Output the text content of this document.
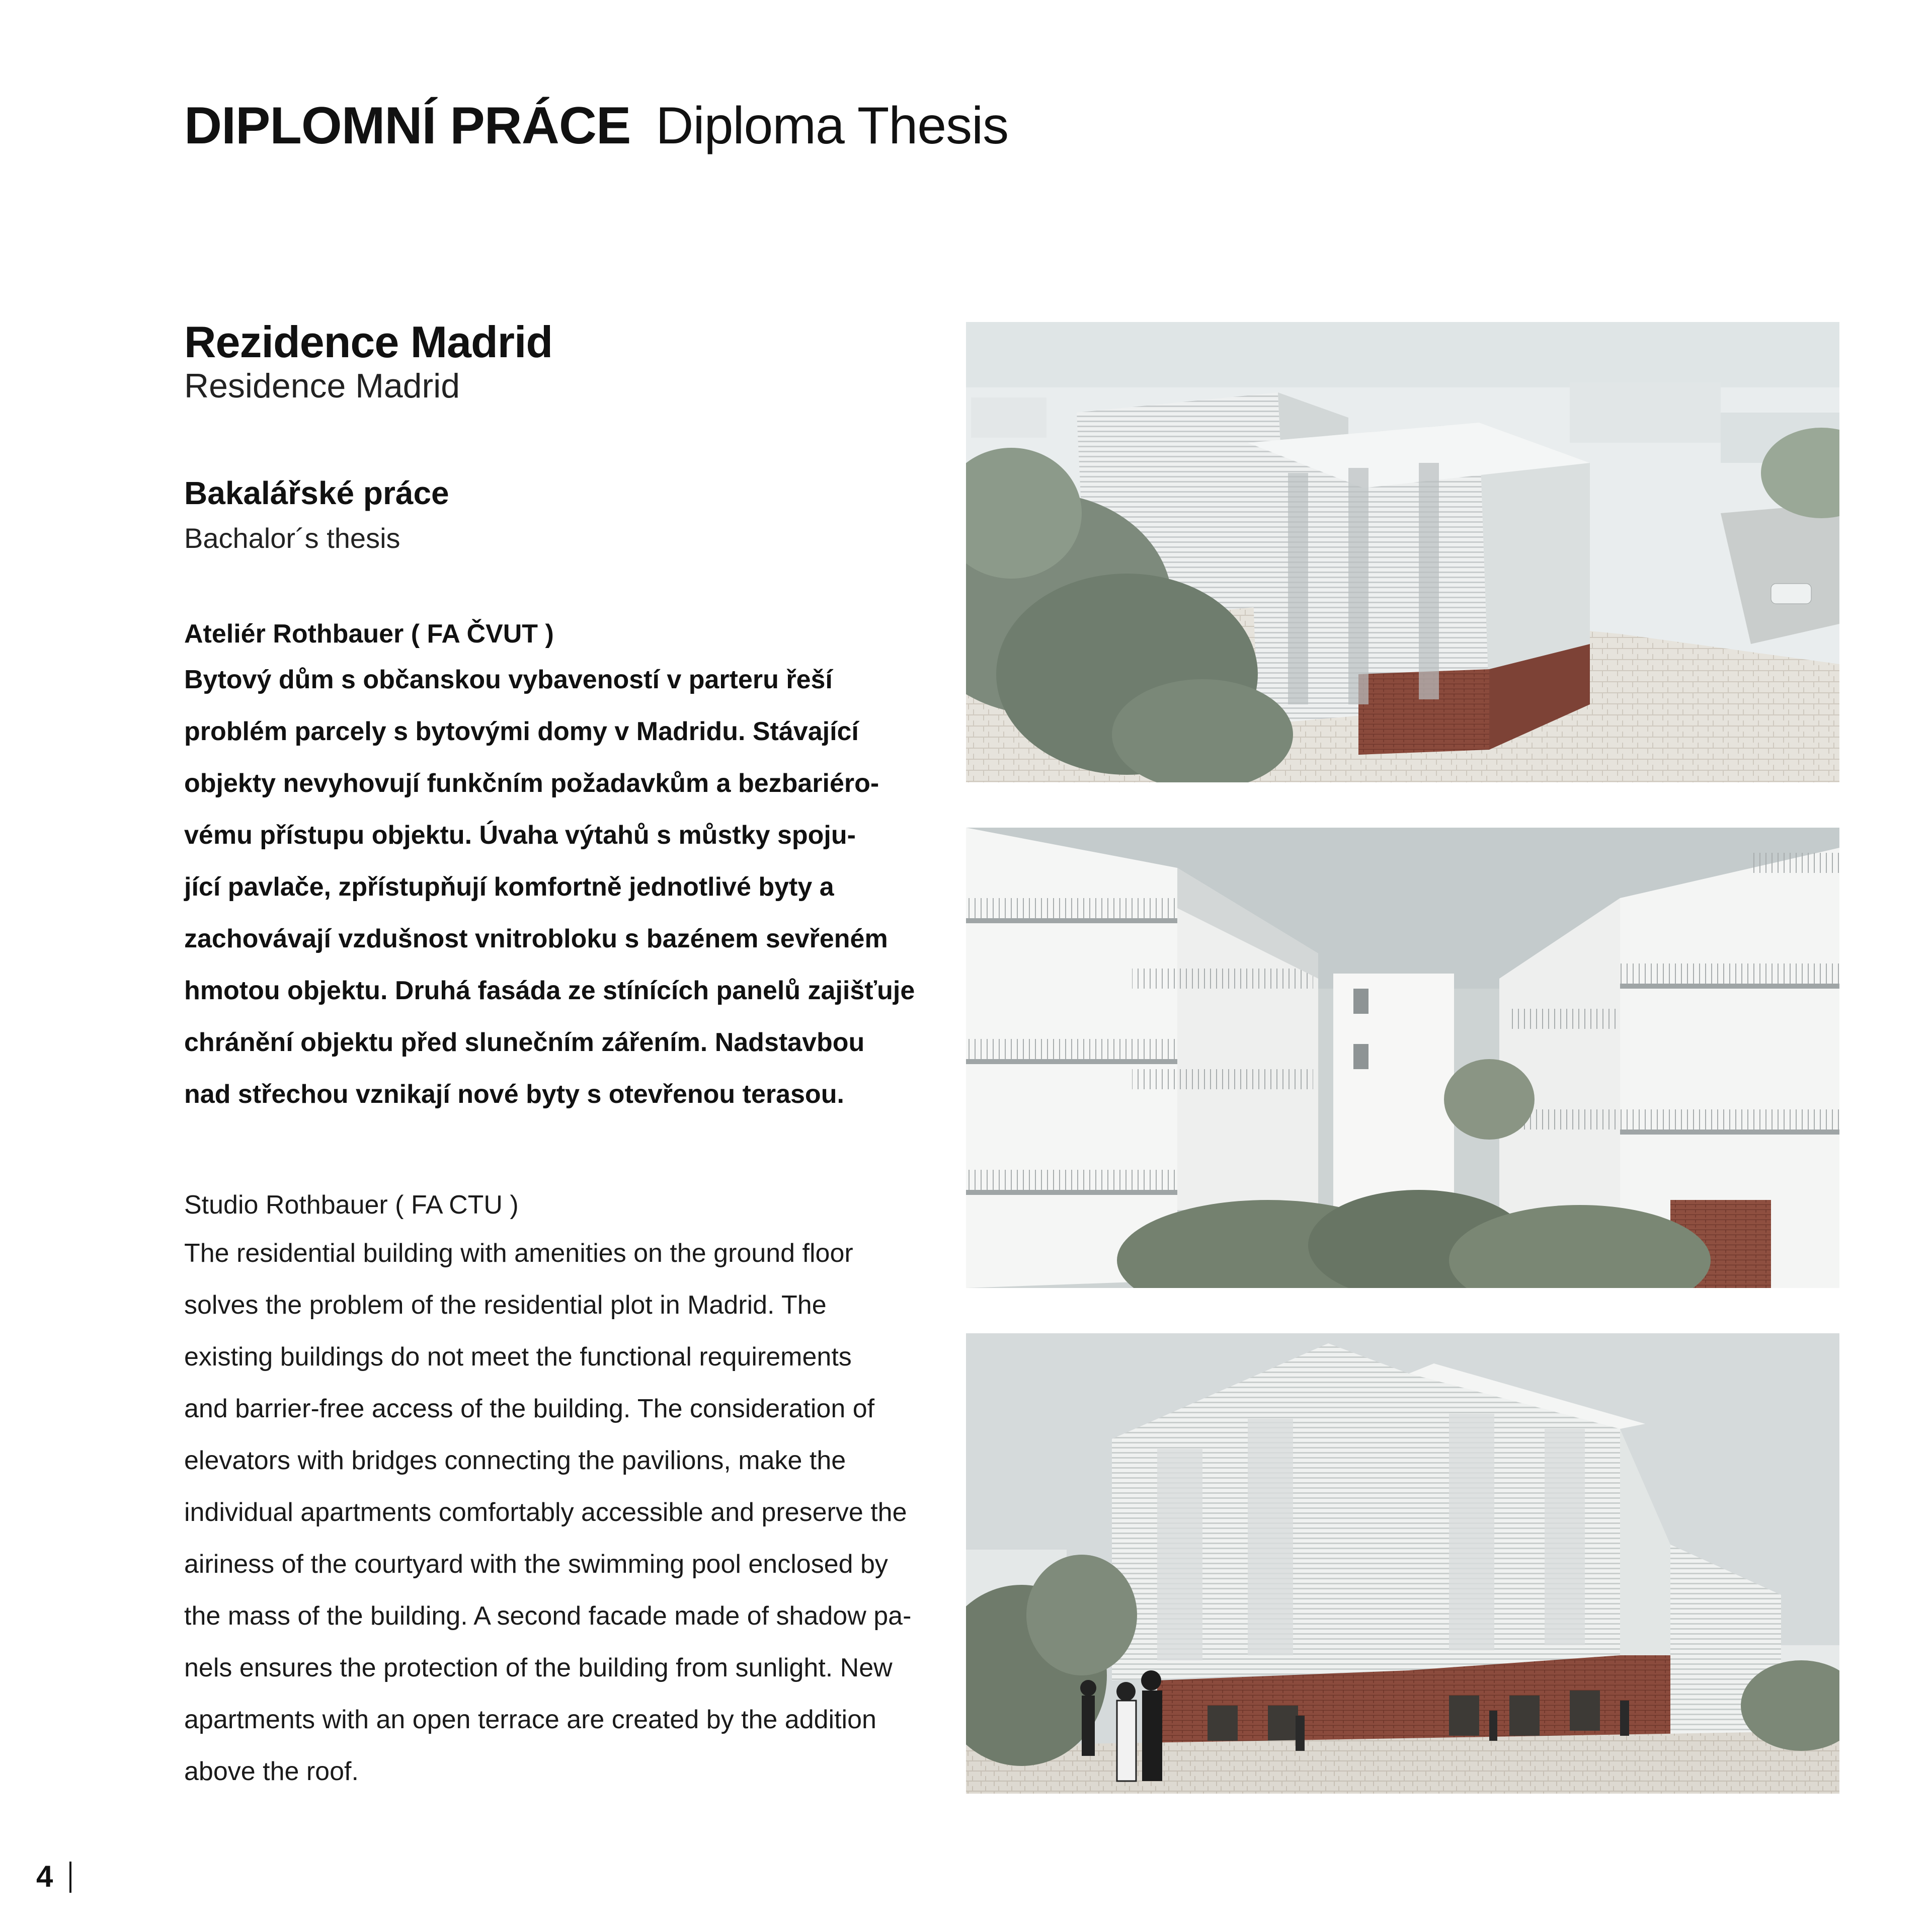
DIPLOMNÍ PRÁCE Diploma Thesis
Rezidence Madrid
Residence Madrid
Bakalářské práce
Bachalor´s thesis
Ateliér Rothbauer ( FA ČVUT )
Bytový dům s občanskou vybaveností v parteru řeší
problém parcely s bytovými domy v Madridu. Stávající
objekty nevyhovují funkčním požadavkům a bezbariéro-
vému přístupu objektu. Úvaha výtahů s můstky spoju-
jící pavlače, zpřístupňují komfortně jednotlivé byty a
zachovávají vzdušnost vnitrobloku s bazénem sevřeném
hmotou objektu. Druhá fasáda ze stínících panelů zajišťuje
chránění objektu před slunečním zářením. Nadstavbou
nad střechou vznikají nové byty s otevřenou terasou.
Studio Rothbauer ( FA CTU )
The residential building with amenities on the ground floor
solves the problem of the residential plot in Madrid. The
existing buildings do not meet the functional requirements
and barrier-free access of the building. The consideration of
elevators with bridges connecting the pavilions, make the
individual apartments comfortably accessible and preserve the
airiness of the courtyard with the swimming pool enclosed by
the mass of the building. A second facade made of shadow pa-
nels ensures the protection of the building from sunlight. New
apartments with an open terrace are created by the addition
above the roof.
4
